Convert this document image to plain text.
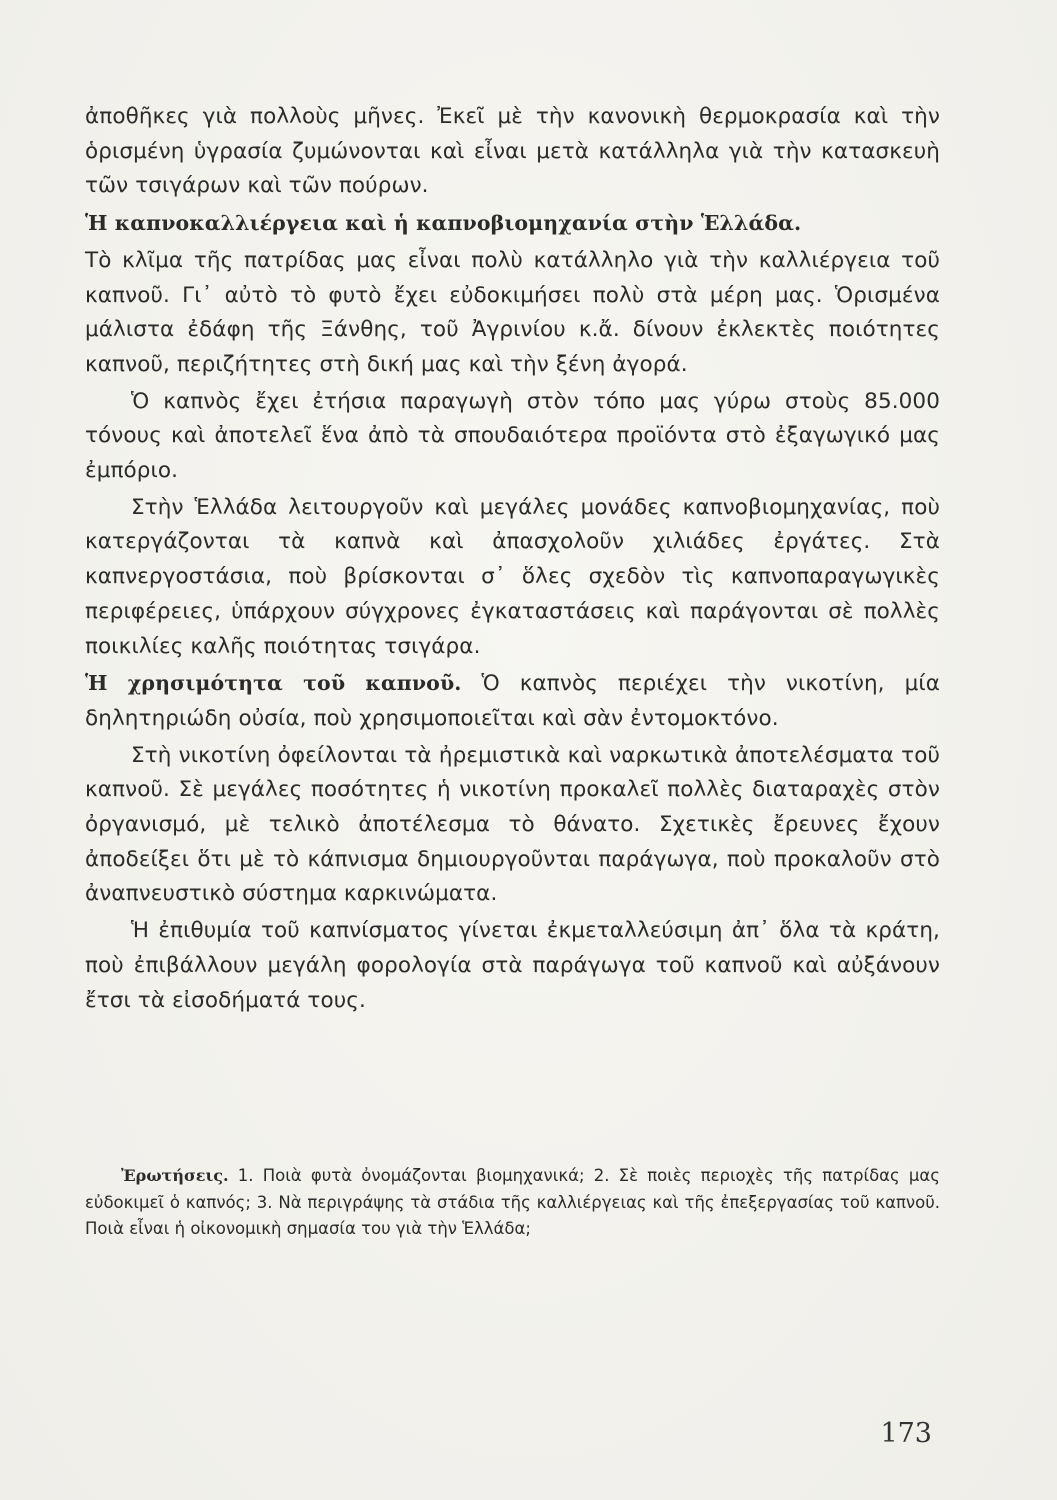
ἀποθῆκες γιὰ πολλοὺς μῆνες. Ἐκεῖ μὲ τὴν κανονικὴ θερμοκρασία καὶ τὴν ὁρισμένη ὑγρασία ζυμώνονται καὶ εἶναι μετὰ κατάλληλα γιὰ τὴν κατασκευὴ τῶν τσιγάρων καὶ τῶν πούρων.

Ἡ καπνοκαλλιέργεια καὶ ἡ καπνοβιομηχανία στὴν Ἑλλάδα.

Τὸ κλῖμα τῆς πατρίδας μας εἶναι πολὺ κατάλληλο γιὰ τὴν καλλιέργεια τοῦ καπνοῦ. Γι᾽ αὐτὸ τὸ φυτὸ ἔχει εὐδοκιμήσει πολὺ στὰ μέρη μας. Ὁρισμένα μάλιστα ἐδάφη τῆς Ξάνθης, τοῦ Ἀγρινίου κ.ἄ. δίνουν ἐκλεκτὲς ποιότητες καπνοῦ, περιζήτητες στὴ δική μας καὶ τὴν ξένη ἀγορά.

Ὁ καπνὸς ἔχει ἐτήσια παραγωγὴ στὸν τόπο μας γύρω στοὺς 85.000 τόνους καὶ ἀποτελεῖ ἕνα ἀπὸ τὰ σπουδαιότερα προϊόντα στὸ ἐξαγωγικό μας ἐμπόριο.

Στὴν Ἑλλάδα λειτουργοῦν καὶ μεγάλες μονάδες καπνοβιομηχανίας, ποὺ κατεργάζονται τὰ καπνὰ καὶ ἀπασχολοῦν χιλιάδες ἐργάτες. Στὰ καπνεργοστάσια, ποὺ βρίσκονται σ᾽ ὅλες σχεδὸν τὶς καπνοπαραγωγικὲς περιφέρειες, ὑπάρχουν σύγχρονες ἐγκαταστάσεις καὶ παράγονται σὲ πολλὲς ποικιλίες καλῆς ποιότητας τσιγάρα.

Ἡ χρησιμότητα τοῦ καπνοῦ. Ὁ καπνὸς περιέχει τὴν νικοτίνη, μία δηλητηριώδη οὐσία, ποὺ χρησιμοποιεῖται καὶ σὰν ἐντομοκτόνο.

Στὴ νικοτίνη ὀφείλονται τὰ ἠρεμιστικὰ καὶ ναρκωτικὰ ἀποτελέσματα τοῦ καπνοῦ. Σὲ μεγάλες ποσότητες ἡ νικοτίνη προκαλεῖ πολλὲς διαταραχὲς στὸν ὀργανισμό, μὲ τελικὸ ἀποτέλεσμα τὸ θάνατο. Σχετικὲς ἔρευνες ἔχουν ἀποδείξει ὅτι μὲ τὸ κάπνισμα δημιουργοῦνται παράγωγα, ποὺ προκαλοῦν στὸ ἀναπνευστικὸ σύστημα καρκινώματα.

Ἡ ἐπιθυμία τοῦ καπνίσματος γίνεται ἐκμεταλλεύσιμη ἀπ᾽ ὅλα τὰ κράτη, ποὺ ἐπιβάλλουν μεγάλη φορολογία στὰ παράγωγα τοῦ καπνοῦ καὶ αὐξάνουν ἔτσι τὰ εἰσοδήματά τους.

Ἐρωτήσεις. 1. Ποιὰ φυτὰ ὀνομάζονται βιομηχανικά; 2. Σὲ ποιὲς περιοχὲς τῆς πατρίδας μας εὐδοκιμεῖ ὁ καπνός; 3. Νὰ περιγράψης τὰ στάδια τῆς καλλιέργειας καὶ τῆς ἐπεξεργασίας τοῦ καπνοῦ. Ποιὰ εἶναι ἡ οἰκονομικὴ σημασία του γιὰ τὴν Ἑλλάδα;
173
